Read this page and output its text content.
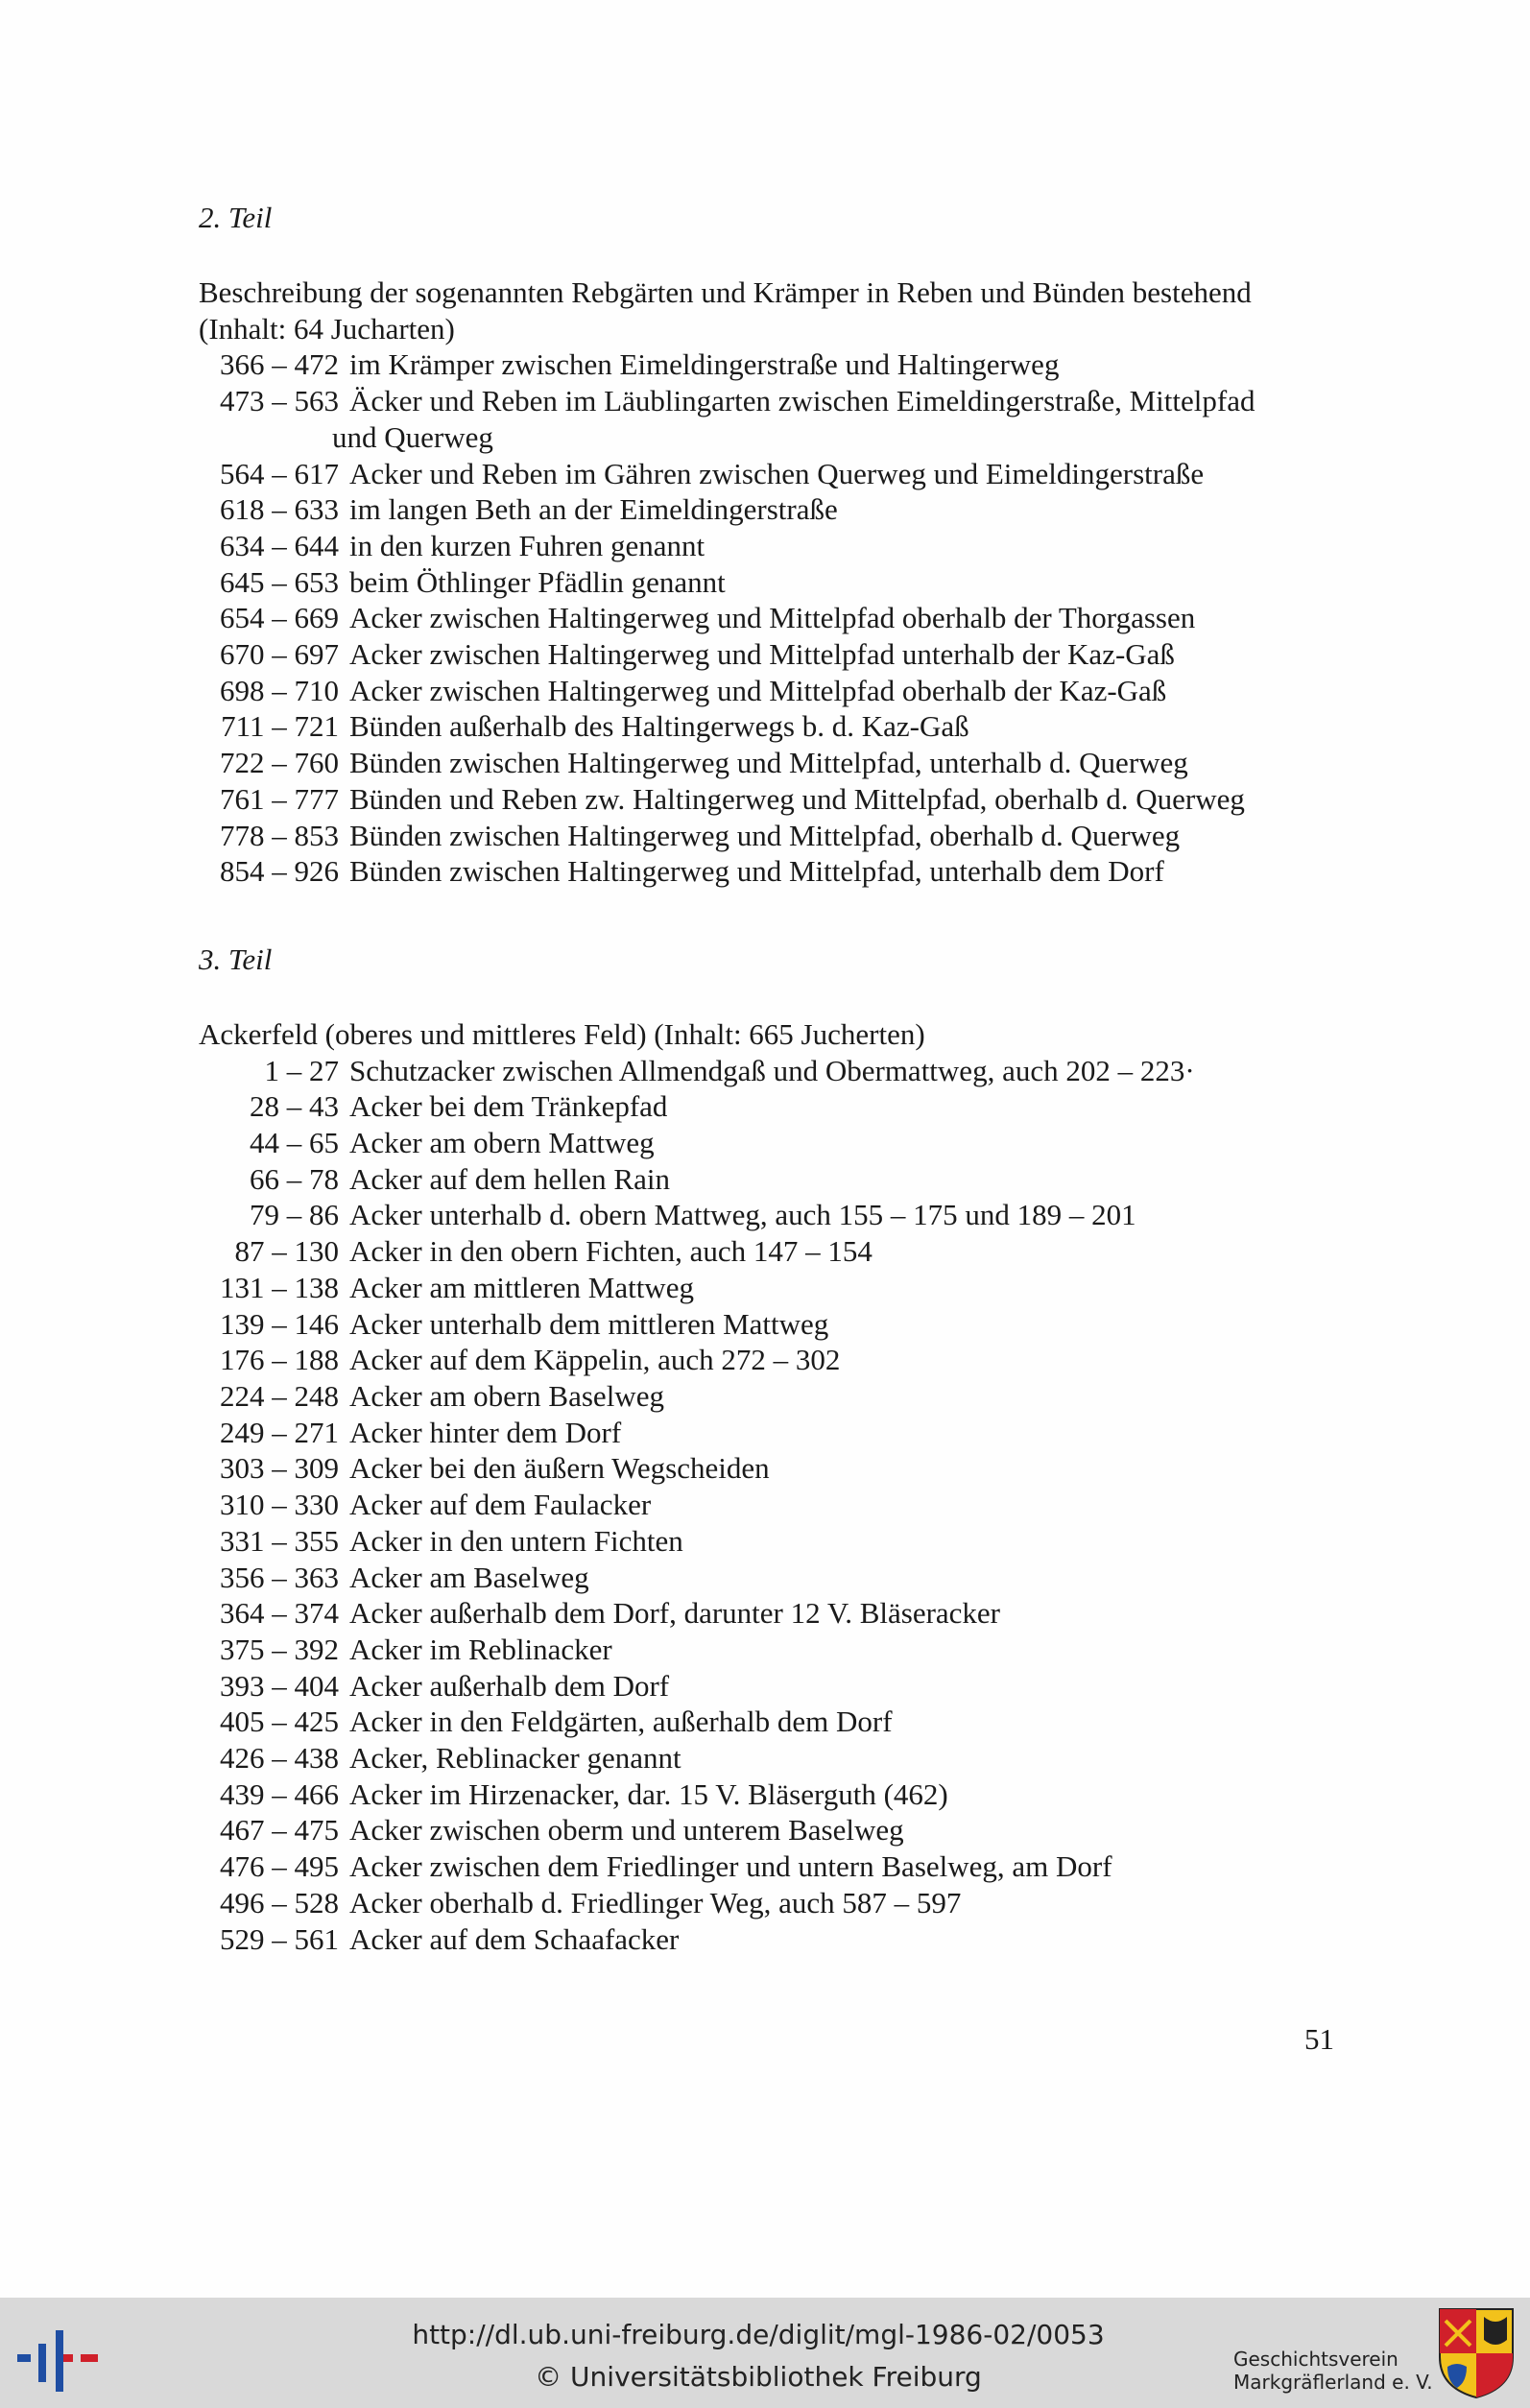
2. Teil

Beschreibung der sogenannten Rebgärten und Krämper in Reben und Bünden bestehend
(Inhalt: 64 Jucharten)

366 – 472 im Krämper zwischen Eimeldingerstraße und Haltingerweg
473 – 563 Äcker und Reben im Läublingarten zwischen Eimeldingerstraße, Mittelpfad
und Querweg
564 – 617 Acker und Reben im Gähren zwischen Querweg und Eimeldingerstraße
618 – 633 im langen Beth an der Eimeldingerstraße
634 – 644 in den kurzen Fuhren genannt
645 – 653 beim Öthlinger Pfädlin genannt
654 – 669 Acker zwischen Haltingerweg und Mittelpfad oberhalb der Thorgassen
670 – 697 Acker zwischen Haltingerweg und Mittelpfad unterhalb der Kaz-Gaß
698 – 710 Acker zwischen Haltingerweg und Mittelpfad oberhalb der Kaz-Gaß
711 – 721 Bünden außerhalb des Haltingerwegs b. d. Kaz-Gaß
722 – 760 Bünden zwischen Haltingerweg und Mittelpfad, unterhalb d. Querweg
761 – 777 Bünden und Reben zw. Haltingerweg und Mittelpfad, oberhalb d. Querweg
778 – 853 Bünden zwischen Haltingerweg und Mittelpfad, oberhalb d. Querweg
854 – 926 Bünden zwischen Haltingerweg und Mittelpfad, unterhalb dem Dorf
3. Teil

Ackerfeld (oberes und mittleres Feld) (Inhalt: 665 Jucherten)

1 – 27 Schutzacker zwischen Allmendgaß und Obermattweg, auch 202 – 223·
28 – 43 Acker bei dem Tränkepfad
44 – 65 Acker am obern Mattweg
66 – 78 Acker auf dem hellen Rain
79 – 86 Acker unterhalb d. obern Mattweg, auch 155 – 175 und 189 – 201
87 – 130 Acker in den obern Fichten, auch 147 – 154
131 – 138 Acker am mittleren Mattweg
139 – 146 Acker unterhalb dem mittleren Mattweg
176 – 188 Acker auf dem Käppelin, auch 272 – 302
224 – 248 Acker am obern Baselweg
249 – 271 Acker hinter dem Dorf
303 – 309 Acker bei den äußern Wegscheiden
310 – 330 Acker auf dem Faulacker
331 – 355 Acker in den untern Fichten
356 – 363 Acker am Baselweg
364 – 374 Acker außerhalb dem Dorf, darunter 12 V. Bläseracker
375 – 392 Acker im Reblinacker
393 – 404 Acker außerhalb dem Dorf
405 – 425 Acker in den Feldgärten, außerhalb dem Dorf
426 – 438 Acker, Reblinacker genannt
439 – 466 Acker im Hirzenacker, dar. 15 V. Bläserguth (462)
467 – 475 Acker zwischen oberm und unterem Baselweg
476 – 495 Acker zwischen dem Friedlinger und untern Baselweg, am Dorf
496 – 528 Acker oberhalb d. Friedlinger Weg, auch 587 – 597
529 – 561 Acker auf dem Schaafacker
51
http://dl.ub.uni-freiburg.de/diglit/mgl-1986-02/0053
© Universitätsbibliothek Freiburg
Geschichtsverein
Markgräflerland e. V.
